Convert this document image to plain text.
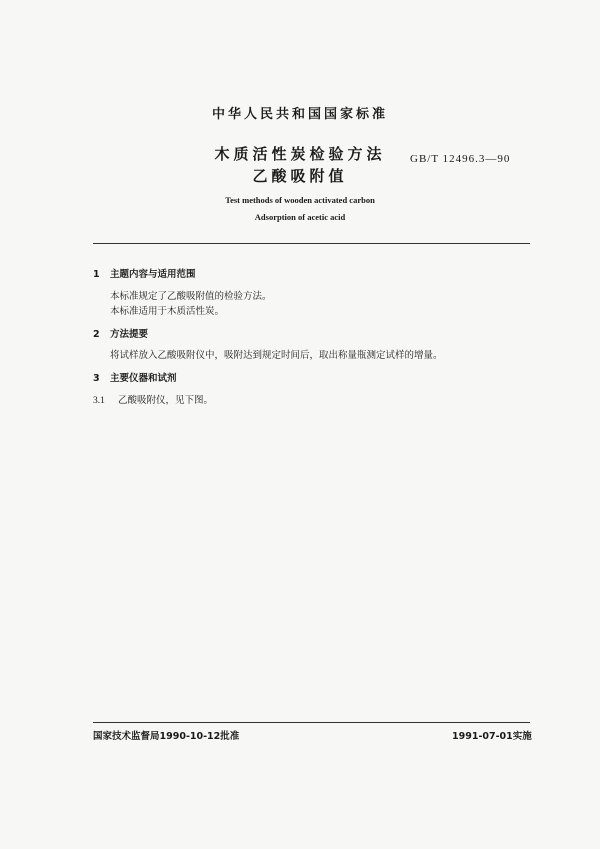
中华人民共和国国家标准
木质活性炭检验方法
乙酸吸附值
GB/T 12496.3—90
Test methods of wooden activated carbon
Adsorption of acetic acid
1 主题内容与适用范围
本标准规定了乙酸吸附值的检验方法。
本标准适用于木质活性炭。
2 方法提要
将试样放入乙酸吸附仪中，吸附达到规定时间后，取出称量瓶测定试样的增量。
3 主要仪器和试剂
3.1 乙酸吸附仪，见下图。
国家技术监督局1990-10-12批准	1991-07-01实施
